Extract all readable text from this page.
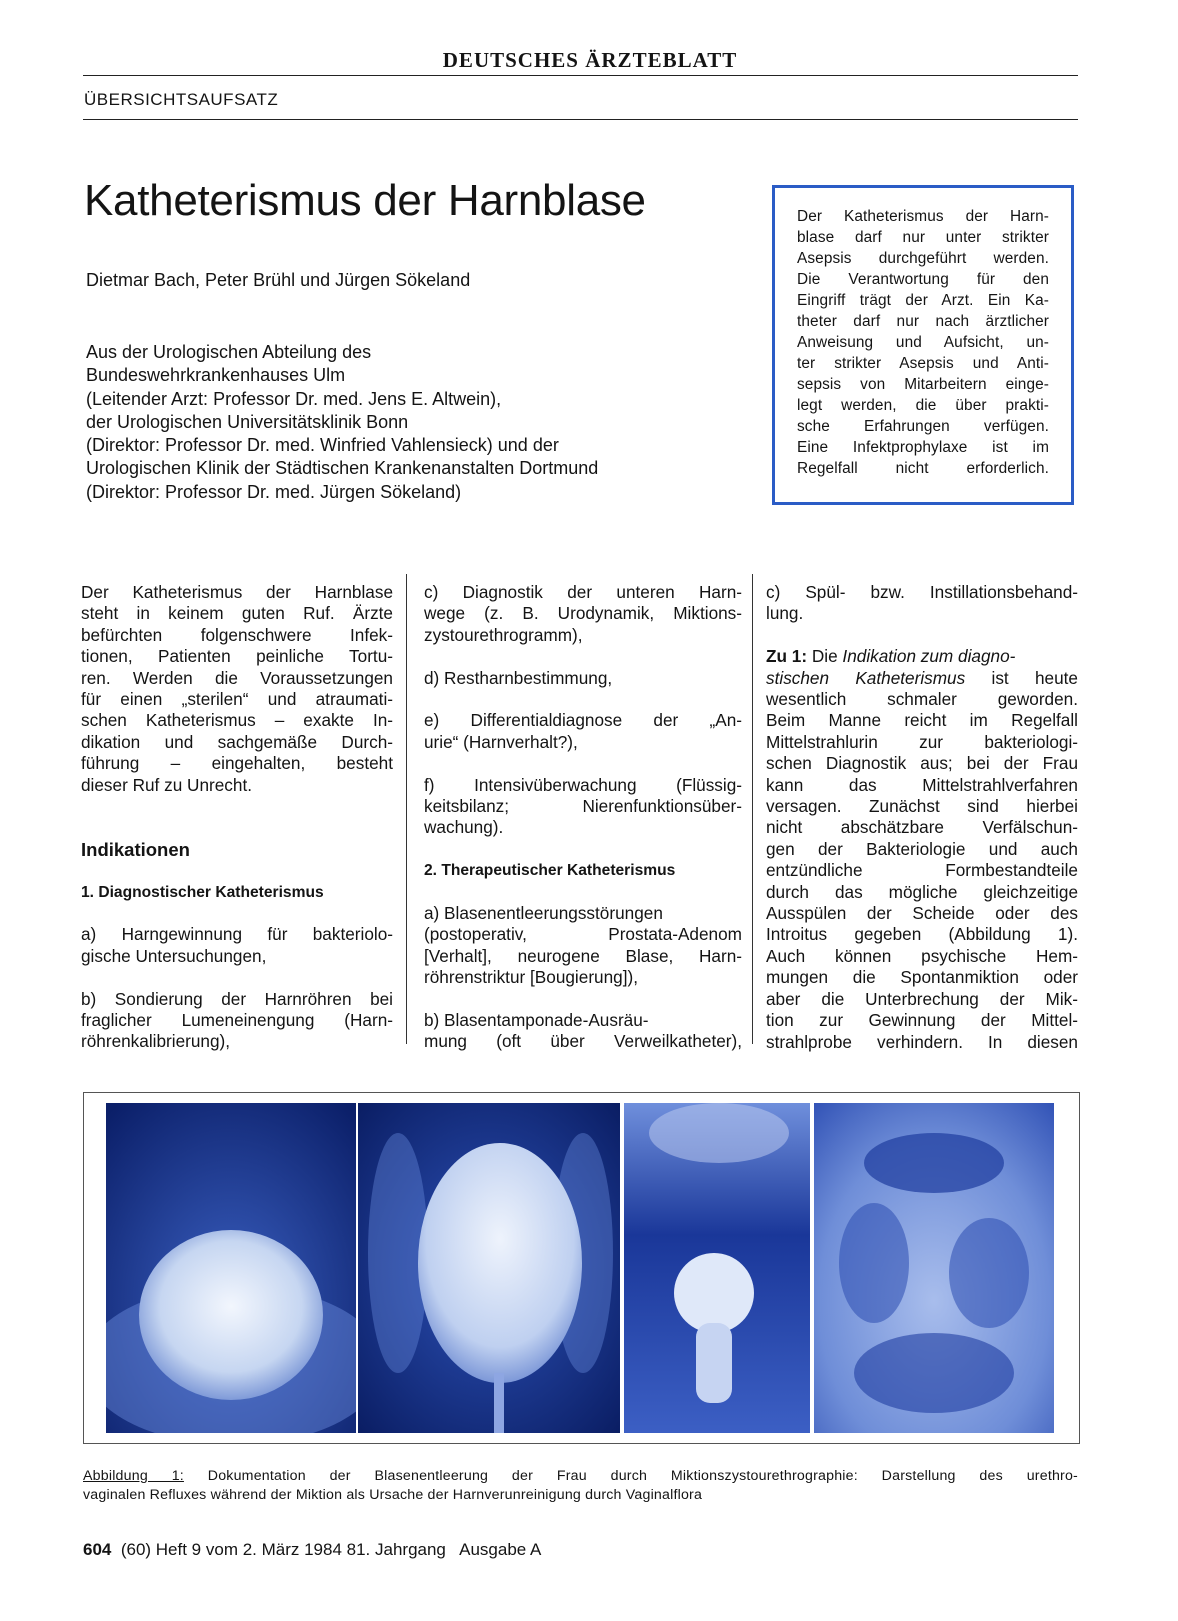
DEUTSCHES ÄRZTEBLATT
ÜBERSICHTSAUFSATZ
Katheterismus der Harnblase
Dietmar Bach, Peter Brühl und Jürgen Sökeland
Aus der Urologischen Abteilung des
Bundeswehrkrankenhauses Ulm
(Leitender Arzt: Professor Dr. med. Jens E. Altwein),
der Urologischen Universitätsklinik Bonn
(Direktor: Professor Dr. med. Winfried Vahlensieck) und der
Urologischen Klinik der Städtischen Krankenanstalten Dortmund
(Direktor: Professor Dr. med. Jürgen Sökeland)
Der Katheterismus der Harn-
blase darf nur unter strikter
Asepsis durchgeführt werden.
Die Verantwortung für den
Eingriff trägt der Arzt. Ein Ka-
theter darf nur nach ärztlicher
Anweisung und Aufsicht, un-
ter strikter Asepsis und Anti-
sepsis von Mitarbeitern einge-
legt werden, die über prakti-
sche Erfahrungen verfügen.
Eine Infektprophylaxe ist im
Regelfall nicht erforderlich.
Der Katheterismus der Harnblase
steht in keinem guten Ruf. Ärzte
befürchten folgenschwere Infek-
tionen, Patienten peinliche Tortu-
ren. Werden die Voraussetzungen
für einen „sterilen“ und atraumati-
schen Katheterismus – exakte In-
dikation und sachgemäße Durch-
führung – eingehalten, besteht
dieser Ruf zu Unrecht.
Indikationen
1. Diagnostischer Katheterismus
a) Harngewinnung für bakteriolo-
gische Untersuchungen,
b) Sondierung der Harnröhren bei
fraglicher Lumeneinengung (Harn-
röhrenkalibrierung),
c) Diagnostik der unteren Harn-
wege (z. B. Urodynamik, Miktions-
zystourethrogramm),
d) Restharnbestimmung,
e) Differentialdiagnose der „An-
urie“ (Harnverhalt?),
f) Intensivüberwachung (Flüssig-
keitsbilanz; Nierenfunktionsüber-
wachung).
2. Therapeutischer Katheterismus
a) Blasenentleerungsstörungen
(postoperativ, Prostata-Adenom
[Verhalt], neurogene Blase, Harn-
röhrenstriktur [Bougierung]),
b) Blasentamponade-Ausräu-
mung (oft über Verweilkatheter),
c) Spül- bzw. Instillationsbehand-
lung.
Zu 1: Die Indikation zum diagno-
stischen Katheterismus ist heute
wesentlich schmaler geworden.
Beim Manne reicht im Regelfall
Mittelstrahlurin zur bakteriologi-
schen Diagnostik aus; bei der Frau
kann das Mittelstrahlverfahren
versagen. Zunächst sind hierbei
nicht abschätzbare Verfälschun-
gen der Bakteriologie und auch
entzündliche Formbestandteile
durch das mögliche gleichzeitige
Ausspülen der Scheide oder des
Introitus gegeben (Abbildung 1).
Auch können psychische Hem-
mungen die Spontanmiktion oder
aber die Unterbrechung der Mik-
tion zur Gewinnung der Mittel-
strahlprobe verhindern. In diesen
Abbildung 1: Dokumentation der Blasenentleerung der Frau durch Miktionszystourethrographie: Darstellung des urethro-
vaginalen Refluxes während der Miktion als Ursache der Harnverunreinigung durch Vaginalflora
604 (60) Heft 9 vom 2. März 1984 81. Jahrgang   Ausgabe A
